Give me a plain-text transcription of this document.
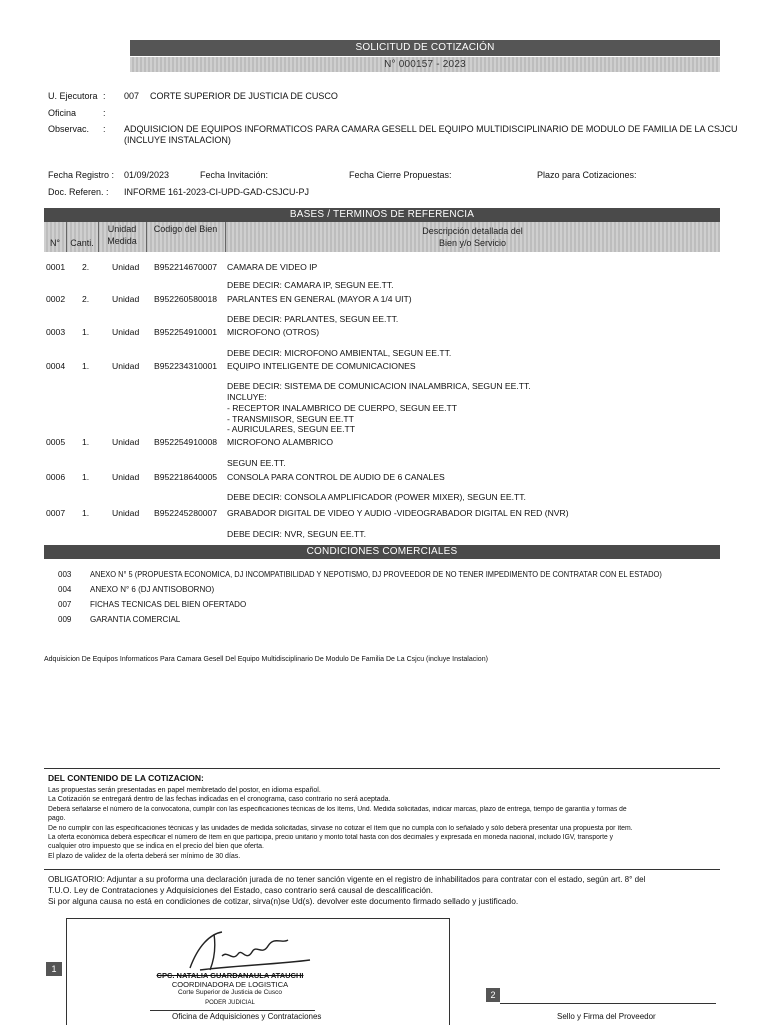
SOLICITUD DE COTIZACIÓN
N° 000157 - 2023
U. Ejecutora : 007 CORTE SUPERIOR DE JUSTICIA DE CUSCO
Oficina	:
Observac. : ADQUISICION DE EQUIPOS INFORMATICOS PARA CAMARA GESELL DEL EQUIPO MULTIDISCIPLINARIO DE MODULO DE FAMILIA DE LA CSJCU
(INCLUYE INSTALACION)
Fecha Registro : 01/09/2023	Fecha Invitación:	Fecha Cierre Propuestas:	Plazo para Cotizaciones:
Doc. Referen. : INFORME 161-2023-CI-UPD-GAD-CSJCU-PJ
BASES / TERMINOS DE REFERENCIA
N°	Canti.
Unidad
Medida
Codigo del Bien	Descripción detallada del
Bien y/o Servicio
0001 2.	Unidad B952214670007 CAMARA DE VIDEO IP
DEBE DECIR: CAMARA IP, SEGUN EE.TT.
0002 2.	Unidad B952260580018 PARLANTES EN GENERAL (MAYOR A 1/4 UIT)
DEBE DECIR: PARLANTES, SEGUN EE.TT.
0003 1.	Unidad B952254910001 MICROFONO (OTROS)
DEBE DECIR: MICROFONO AMBIENTAL, SEGUN EE.TT.
0004 1.	Unidad B952234310001 EQUIPO INTELIGENTE DE COMUNICACIONES
DEBE DECIR: SISTEMA DE COMUNICACION INALAMBRICA, SEGUN EE.TT.
INCLUYE:
- RECEPTOR INALAMBRICO DE CUERPO, SEGUN EE.TT
- TRANSMIISOR, SEGUN EE.TT
- AURICULARES, SEGUN EE.TT
0005 1.	Unidad B952254910008 MICROFONO ALAMBRICO
SEGUN EE.TT.
0006 1.	Unidad B952218640005 CONSOLA PARA CONTROL DE AUDIO DE 6 CANALES
DEBE DECIR: CONSOLA AMPLIFICADOR (POWER MIXER), SEGUN EE.TT.
0007 1.	Unidad B952245280007 GRABADOR DIGITAL DE VIDEO Y AUDIO -VIDEOGRABADOR DIGITAL EN RED (NVR)
DEBE DECIR: NVR, SEGUN EE.TT.
CONDICIONES COMERCIALES
003 ANEXO N° 5 (PROPUESTA ECONOMICA, DJ INCOMPATIBILIDAD Y NEPOTISMO, DJ PROVEEDOR DE NO TENER IMPEDIMENTO DE CONTRATAR CON EL ESTADO)
004 ANEXO N° 6 (DJ ANTISOBORNO)
007 FICHAS TECNICAS DEL BIEN OFERTADO
009 GARANTIA COMERCIAL
Adquisicion De Equipos Informaticos Para Camara Gesell Del Equipo Multidisciplinario De Modulo De Familia De La Csjcu (incluye Instalacion)
DEL CONTENIDO DE LA COTIZACION:
Las propuestas serán presentadas en papel membretado del postor, en idioma español.
La Cotización se entregará dentro de las fechas indicadas en el cronograma, caso contrario no será aceptada.
Deberá señalarse el número de la convocatoria, cumplir con las especificaciones técnicas de los ítems, Und. Medida solicitadas, indicar marcas, plazo de entrega, tiempo de garantía y formas de
pago.
De no cumplir con las especificaciones técnicas y las unidades de medida solicitadas, sírvase no cotizar el ítem que no cumpla con lo señalado y sólo deberá presentar una propuesta por ítem.
La oferta económica deberá especificar el número de ítem en que participa, precio unitario y monto total hasta con dos decimales y expresada en moneda nacional, incluido IGV, transporte y
cualquier otro impuesto que se indica en el precio del bien que oferta.
El plazo de validez de la oferta deberá ser mínimo de 30 días.
OBLIGATORIO: Adjuntar a su proforma una declaración jurada de no tener sanción vigente en el registro de inhabilitados para contratar con el estado, según art. 8° del
T.U.O. Ley de Contrataciones y Adquisiciones del Estado, caso contrario será causal de descalificación.
Si por alguna causa no está en condiciones de cotizar, sirva(n)se Ud(s). devolver este documento firmado sellado y justificado.
1
CPC. NATALIA GUARDANAULA ATAUCHI
COORDINADORA DE LOGISTICA
Corte Superior de Justicia de Cusco
PODER JUDICIAL
Oficina de Adquisiciones y Contrataciones
2
Sello y Firma del Proveedor
